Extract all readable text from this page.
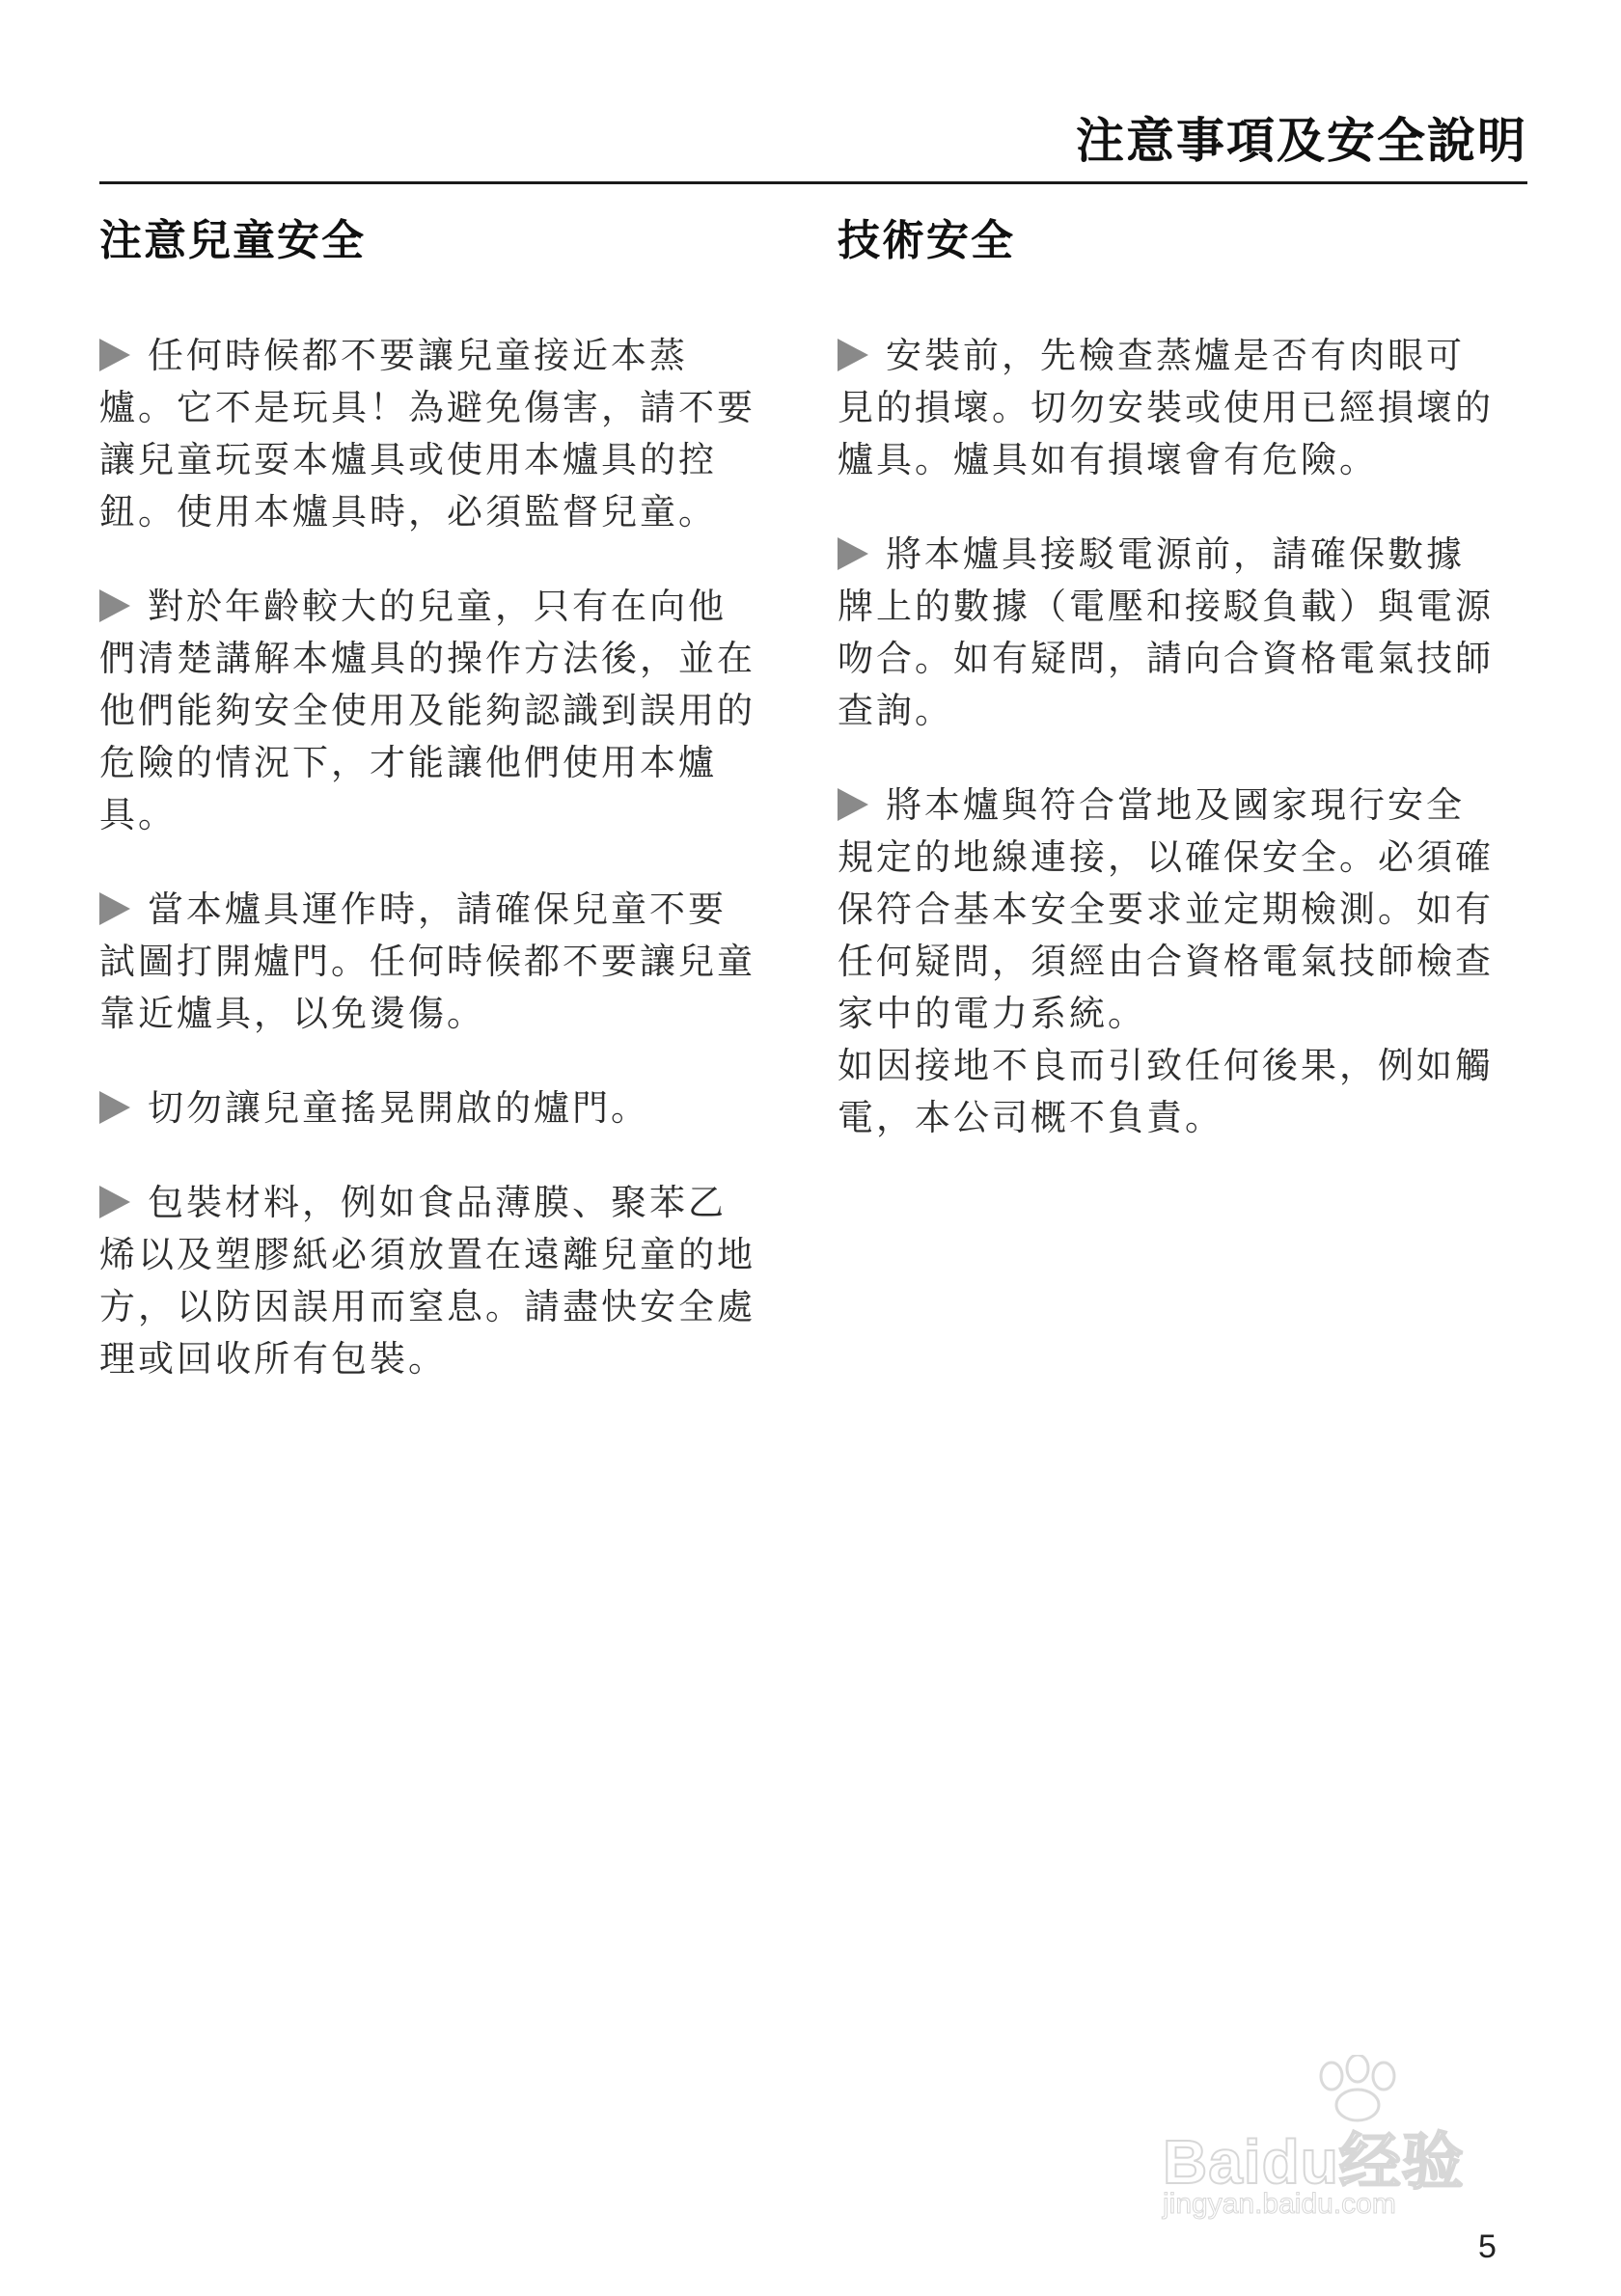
注意事項及安全說明
注意兒童安全
任何時候都不要讓兒童接近本蒸爐。它不是玩具！為避免傷害，請不要讓兒童玩耍本爐具或使用本爐具的控鈕。使用本爐具時，必須監督兒童。
對於年齡較大的兒童，只有在向他們清楚講解本爐具的操作方法後，並在他們能夠安全使用及能夠認識到誤用的危險的情況下，才能讓他們使用本爐具。
當本爐具運作時，請確保兒童不要試圖打開爐門。任何時候都不要讓兒童靠近爐具，以免燙傷。
切勿讓兒童搖晃開啟的爐門。
包裝材料，例如食品薄膜、聚苯乙烯以及塑膠紙必須放置在遠離兒童的地方，以防因誤用而窒息。請盡快安全處理或回收所有包裝。
技術安全
安裝前，先檢查蒸爐是否有肉眼可見的損壞。切勿安裝或使用已經損壞的爐具。爐具如有損壞會有危險。
將本爐具接駁電源前，請確保數據牌上的數據（電壓和接駁負載）與電源吻合。如有疑問，請向合資格電氣技師查詢。
將本爐與符合當地及國家現行安全規定的地線連接，以確保安全。必須確保符合基本安全要求並定期檢測。如有任何疑問，須經由合資格電氣技師檢查家中的電力系統。
如因接地不良而引致任何後果，例如觸電，本公司概不負責。
Baidu经验
jingyan.baidu.com
5
